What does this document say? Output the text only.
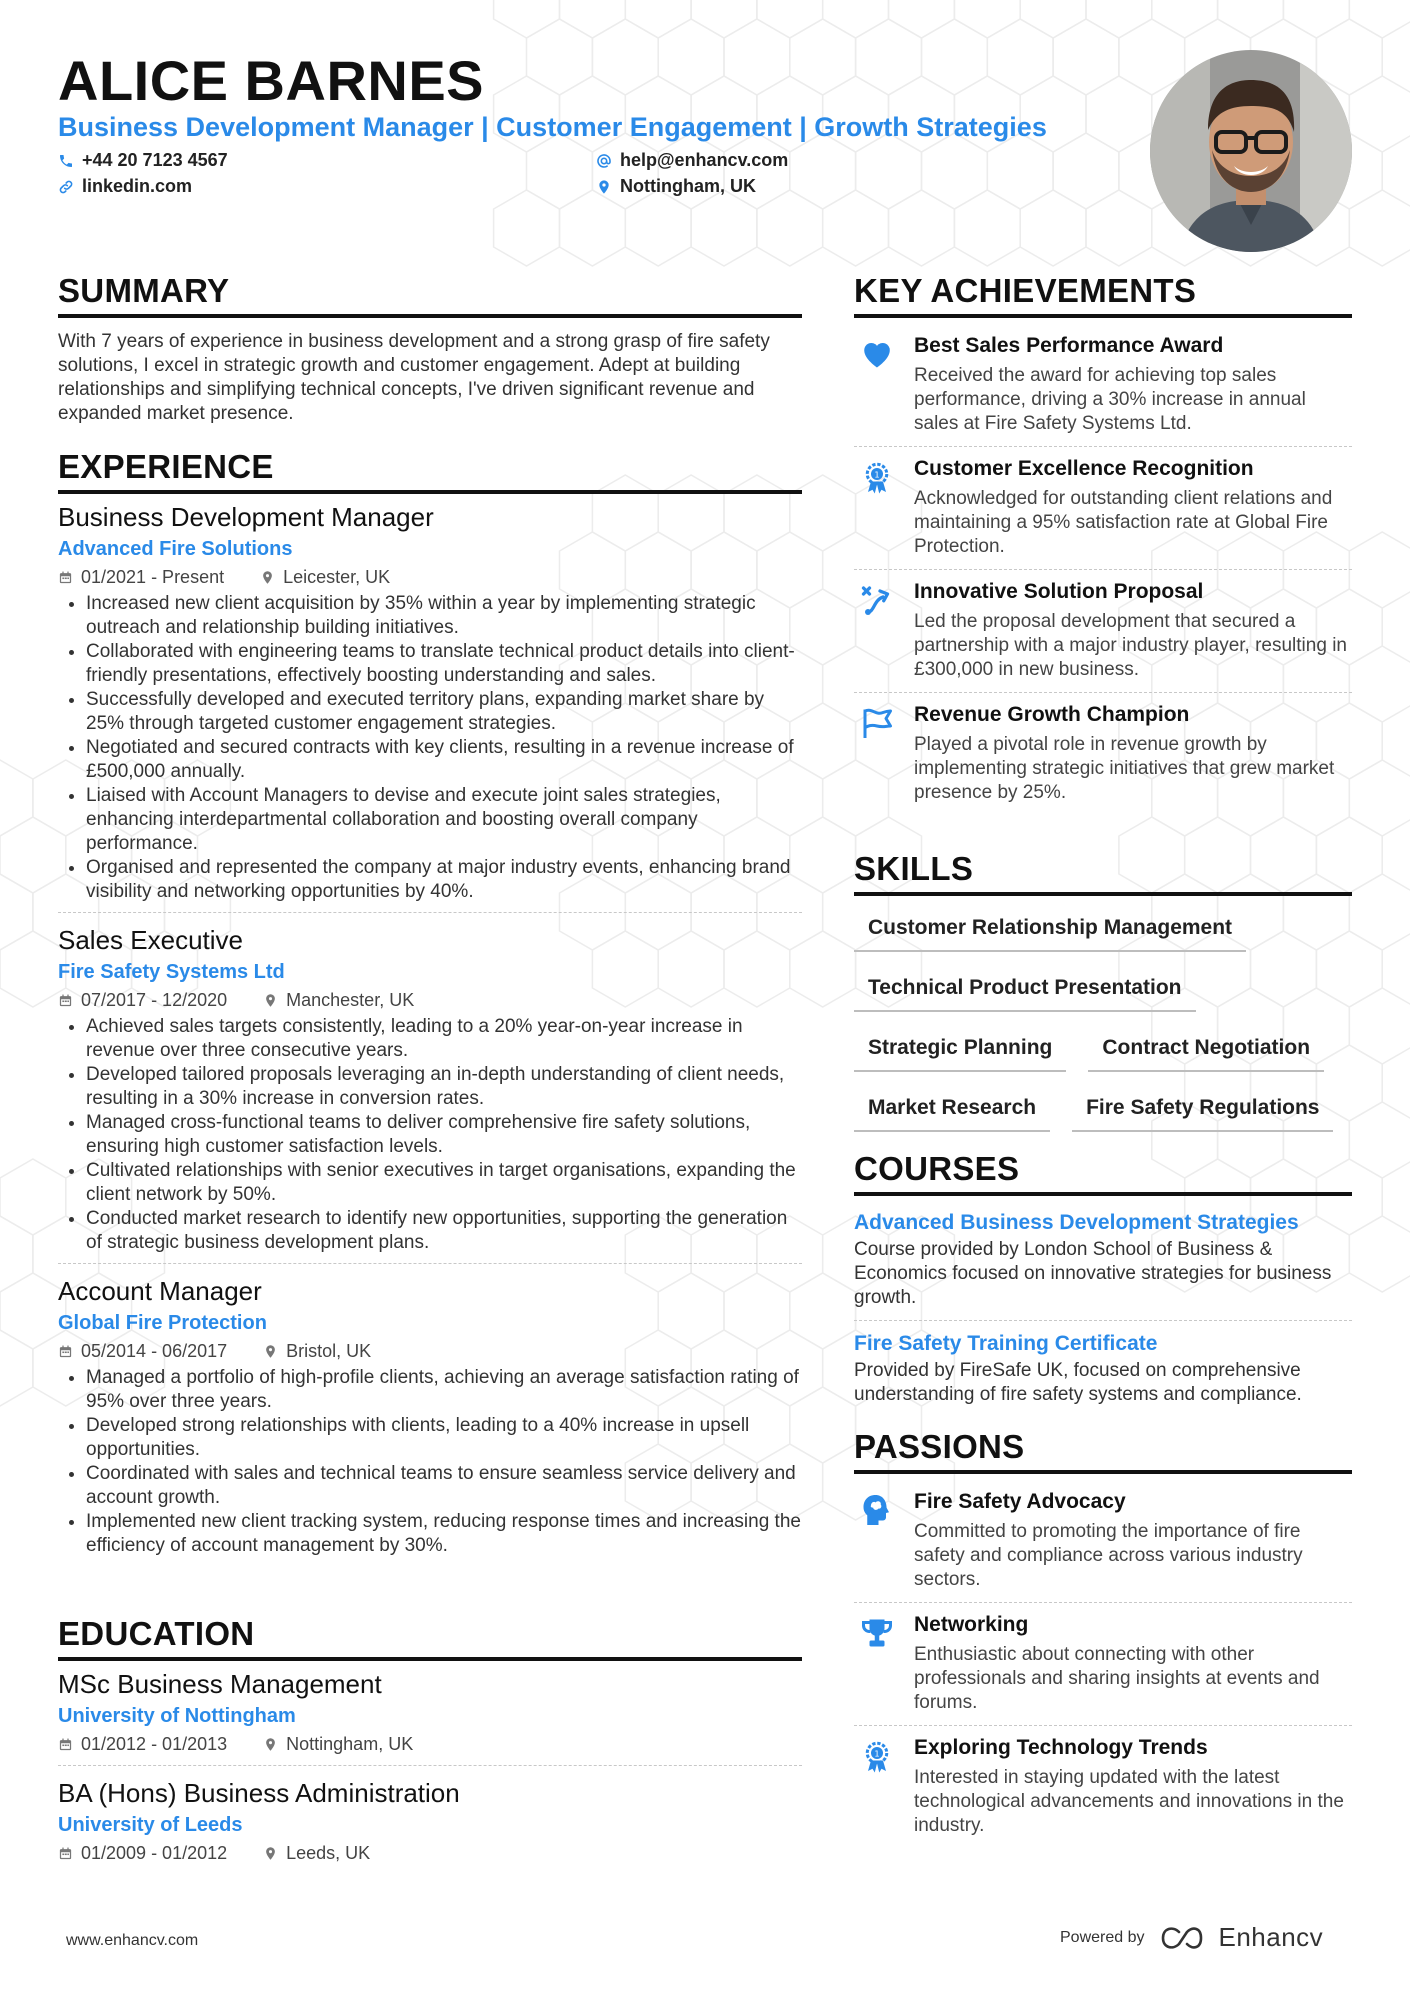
ALICE BARNES
Business Development Manager | Customer Engagement | Growth Strategies
+44 20 7123 4567	help@enhancv.com
linkedin.com	Nottingham, UK
SUMMARY

With 7 years of experience in business development and a strong grasp of fire safety solutions, I excel in strategic growth and customer engagement. Adept at building relationships and simplifying technical concepts, I've driven significant revenue and expanded market presence.

EXPERIENCE
Business Development Manager
Advanced Fire Solutions
01/2021 - Present	Leicester, UK
• Increased new client acquisition by 35% within a year by implementing strategic outreach and relationship building initiatives.
• Collaborated with engineering teams to translate technical product details into client-friendly presentations, effectively boosting understanding and sales.
• Successfully developed and executed territory plans, expanding market share by 25% through targeted customer engagement strategies.
• Negotiated and secured contracts with key clients, resulting in a revenue increase of £500,000 annually.
• Liaised with Account Managers to devise and execute joint sales strategies, enhancing interdepartmental collaboration and boosting overall company performance.
• Organised and represented the company at major industry events, enhancing brand visibility and networking opportunities by 40%.
Sales Executive
Fire Safety Systems Ltd
07/2017 - 12/2020	Manchester, UK
• Achieved sales targets consistently, leading to a 20% year-on-year increase in revenue over three consecutive years.
• Developed tailored proposals leveraging an in-depth understanding of client needs, resulting in a 30% increase in conversion rates.
• Managed cross-functional teams to deliver comprehensive fire safety solutions, ensuring high customer satisfaction levels.
• Cultivated relationships with senior executives in target organisations, expanding the client network by 50%.
• Conducted market research to identify new opportunities, supporting the generation of strategic business development plans.
Account Manager
Global Fire Protection
05/2014 - 06/2017	Bristol, UK
• Managed a portfolio of high-profile clients, achieving an average satisfaction rating of 95% over three years.
• Developed strong relationships with clients, leading to a 40% increase in upsell opportunities.
• Coordinated with sales and technical teams to ensure seamless service delivery and account growth.
• Implemented new client tracking system, reducing response times and increasing the efficiency of account management by 30%.
EDUCATION
MSc Business Management
University of Nottingham
01/2012 - 01/2013	Nottingham, UK
BA (Hons) Business Administration
University of Leeds
01/2009 - 01/2012	Leeds, UK
KEY ACHIEVEMENTS
Best Sales Performance Award
Received the award for achieving top sales performance, driving a 30% increase in annual sales at Fire Safety Systems Ltd.
1 Customer Excellence Recognition
Acknowledged for outstanding client relations and maintaining a 95% satisfaction rate at Global Fire Protection.
Innovative Solution Proposal
Led the proposal development that secured a partnership with a major industry player, resulting in £300,000 in new business.
Revenue Growth Champion
Played a pivotal role in revenue growth by implementing strategic initiatives that grew market presence by 25%.
SKILLS
Customer Relationship Management
Technical Product Presentation
Strategic Planning	Contract Negotiation
Market Research	Fire Safety Regulations
COURSES
Advanced Business Development Strategies

Course provided by London School of Business & Economics focused on innovative strategies for business growth.

Fire Safety Training Certificate

Provided by FireSafe UK, focused on comprehensive understanding of fire safety systems and compliance.

PASSIONS
Fire Safety Advocacy
Committed to promoting the importance of fire safety and compliance across various industry sectors.
Networking
Enthusiastic about connecting with other professionals and sharing insights at events and forums.
1 Exploring Technology Trends
Interested in staying updated with the latest technological advancements and innovations in the industry.
www.enhancv.com	Powered by	Enhancv
